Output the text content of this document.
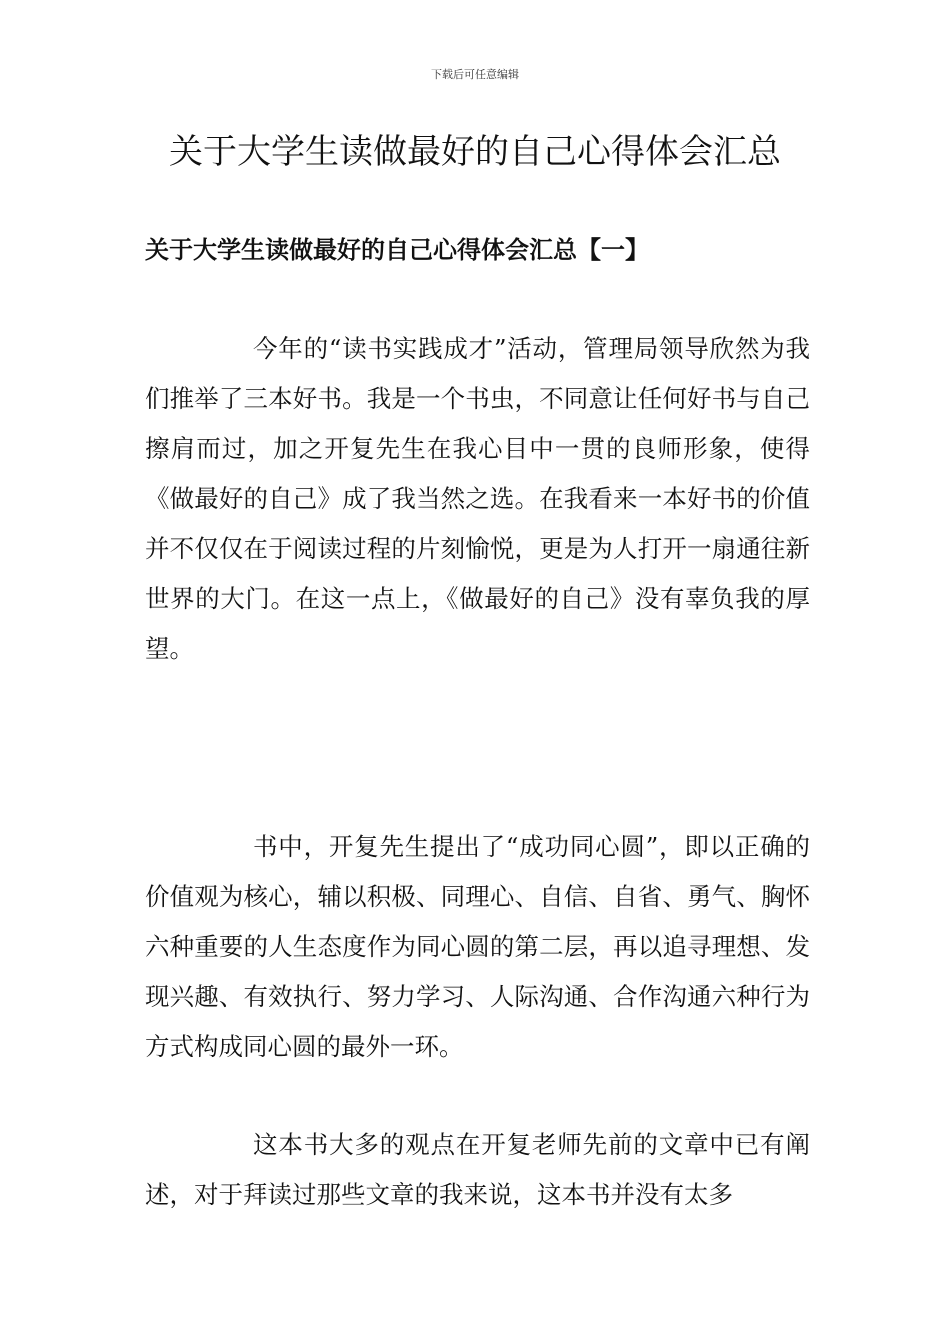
下载后可任意编辑
关于大学生读做最好的自己心得体会汇总
关于大学生读做最好的自己心得体会汇总【一】

今年的“读书实践成才”活动，管理局领导欣然为我们推举了三本好书。我是一个书虫，不同意让任何好书与自己擦肩而过，加之开复先生在我心目中一贯的良师形象，使得《做最好的自己》成了我当然之选。在我看来一本好书的价值并不仅仅在于阅读过程的片刻愉悦，更是为人打开一扇通往新世界的大门。在这一点上，《做最好的自己》没有辜负我的厚望。

书中，开复先生提出了“成功同心圆”，即以正确的价值观为核心，辅以积极、同理心、自信、自省、勇气、胸怀六种重要的人生态度作为同心圆的第二层，再以追寻理想、发现兴趣、有效执行、努力学习、人际沟通、合作沟通六种行为方式构成同心圆的最外一环。

这本书大多的观点在开复老师先前的文章中已有阐述，对于拜读过那些文章的我来说，这本书并没有太多
